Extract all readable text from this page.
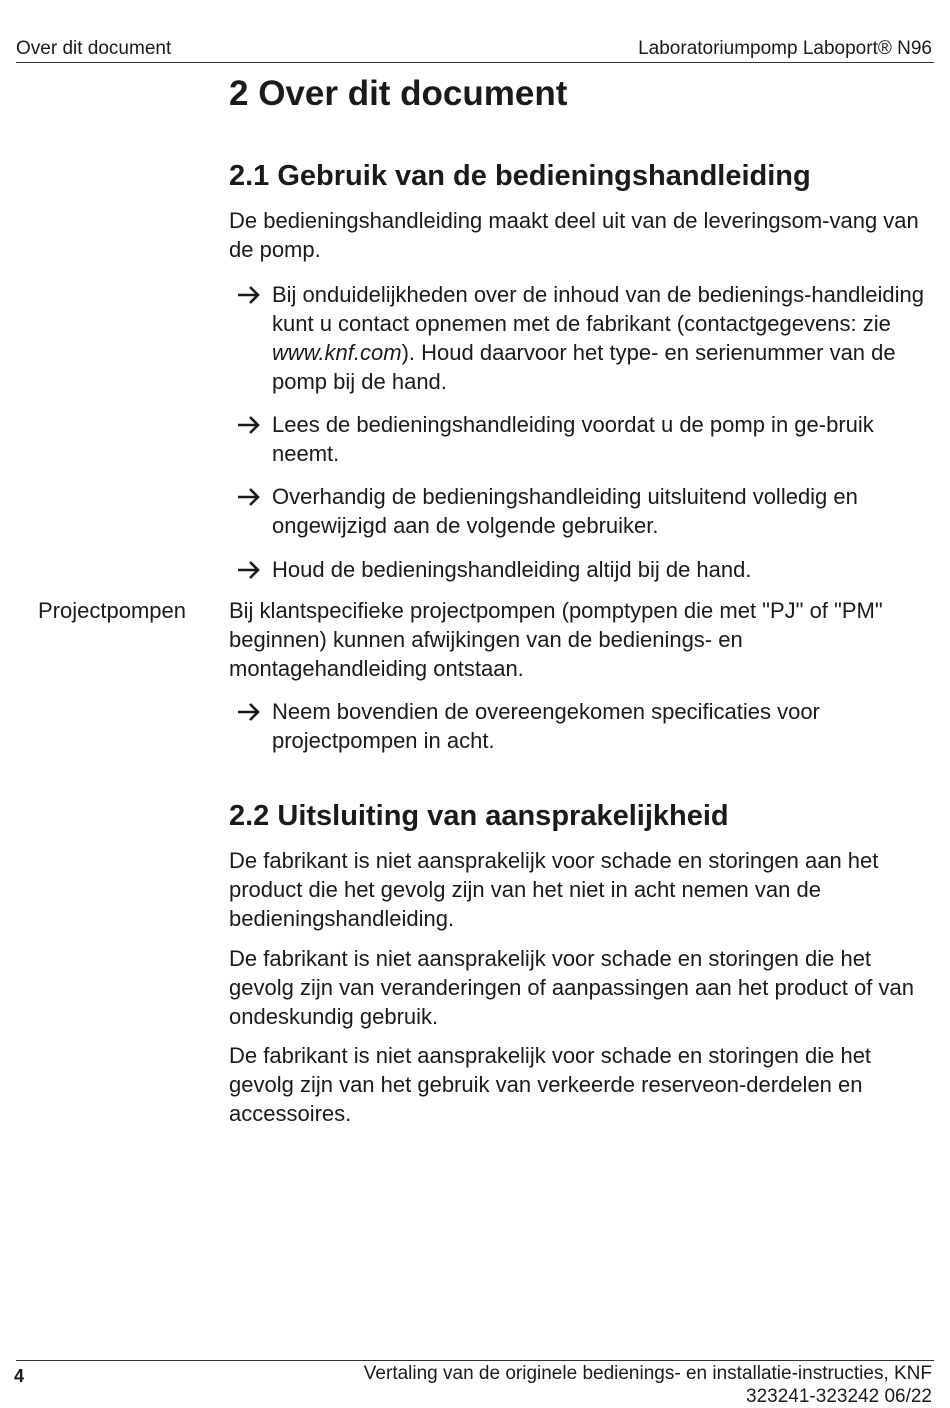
Over dit document	Laboratoriumpomp Laboport® N96
2 Over dit document
2.1 Gebruik van de bedieningshandleiding

De bedieningshandleiding maakt deel uit van de leveringsom-vang van de pomp.

Bij onduidelijkheden over de inhoud van de bedienings-handleiding kunt u contact opnemen met de fabrikant (contactgegevens: zie www.knf.com). Houd daarvoor het type- en serienummer van de pomp bij de hand.
Lees de bedieningshandleiding voordat u de pomp in ge-bruik neemt.
Overhandig de bedieningshandleiding uitsluitend volledig en ongewijzigd aan de volgende gebruiker.
Houd de bedieningshandleiding altijd bij de hand.
Projectpompen Bij klantspecifieke projectpompen (pomptypen die met "PJ" of "PM" beginnen) kunnen afwijkingen van de bedienings- en montagehandleiding ontstaan.

Neem bovendien de overeengekomen specificaties voor projectpompen in acht.
2.2 Uitsluiting van aansprakelijkheid

De fabrikant is niet aansprakelijk voor schade en storingen aan het product die het gevolg zijn van het niet in acht nemen van de bedieningshandleiding.

De fabrikant is niet aansprakelijk voor schade en storingen die het gevolg zijn van veranderingen of aanpassingen aan het product of van ondeskundig gebruik.

De fabrikant is niet aansprakelijk voor schade en storingen die het gevolg zijn van het gebruik van verkeerde reserveon-derdelen en accessoires.

4	Vertaling van de originele bedienings- en installatie-instructies, KNF
323241-323242 06/22
